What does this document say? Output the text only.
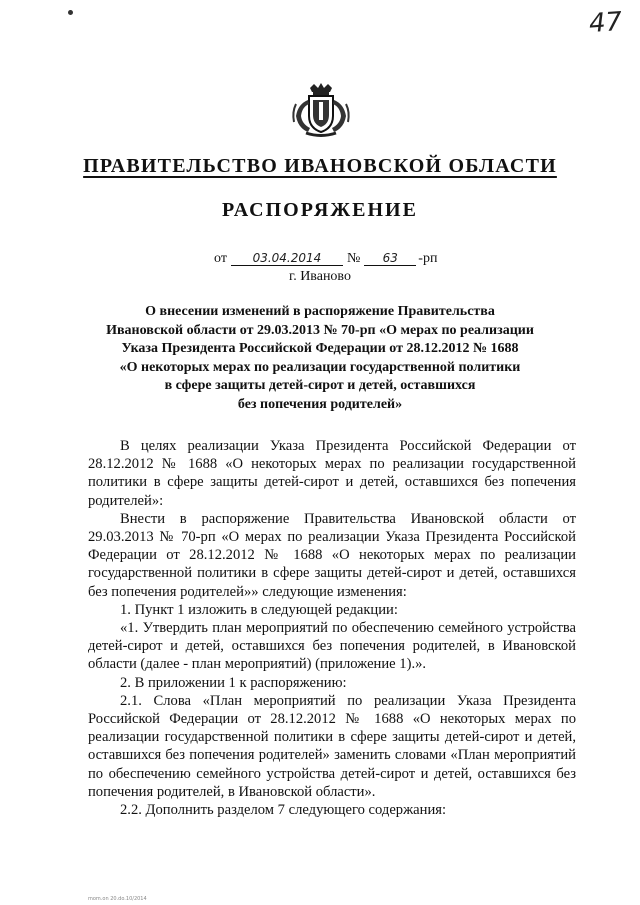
47
ПРАВИТЕЛЬСТВО ИВАНОВСКОЙ ОБЛАСТИ
РАСПОРЯЖЕНИЕ
от 03.04.2014 № 63 -рп
г. Иваново
О внесении изменений в распоряжение Правительства
Ивановской области от 29.03.2013 № 70-рп «О мерах по реализации
Указа Президента Российской Федерации от 28.12.2012 № 1688
«О некоторых мерах по реализации государственной политики
в сфере защиты детей-сирот и детей, оставшихся
без попечения родителей»

В целях реализации Указа Президента Российской Федерации от 28.12.2012 № 1688 «О некоторых мерах по реализации государственной политики в сфере защиты детей-сирот и детей, оставшихся без попечения родителей»:

Внести в распоряжение Правительства Ивановской области от 29.03.2013 № 70-рп «О мерах по реализации Указа Президента Российской Федерации от 28.12.2012 № 1688 «О некоторых мерах по реализации государственной политики в сфере защиты детей-сирот и детей, оставшихся без попечения родителей»» следующие изменения:

1. Пункт 1 изложить в следующей редакции:

«1. Утвердить план мероприятий по обеспечению семейного устройства детей-сирот и детей, оставшихся без попечения родителей, в Ивановской области (далее - план мероприятий) (приложение 1).».

2. В приложении 1 к распоряжению:

2.1. Слова «План мероприятий по реализации Указа Президента Российской Федерации от 28.12.2012 № 1688 «О некоторых мерах по реализации государственной политики в сфере защиты детей-сирот и детей, оставшихся без попечения родителей» заменить словами «План мероприятий по обеспечению семейного устройства детей-сирот и детей, оставшихся без попечения родителей, в Ивановской области».

2.2. Дополнить разделом 7 следующего содержания:

mom.on 20.do.10/2014
